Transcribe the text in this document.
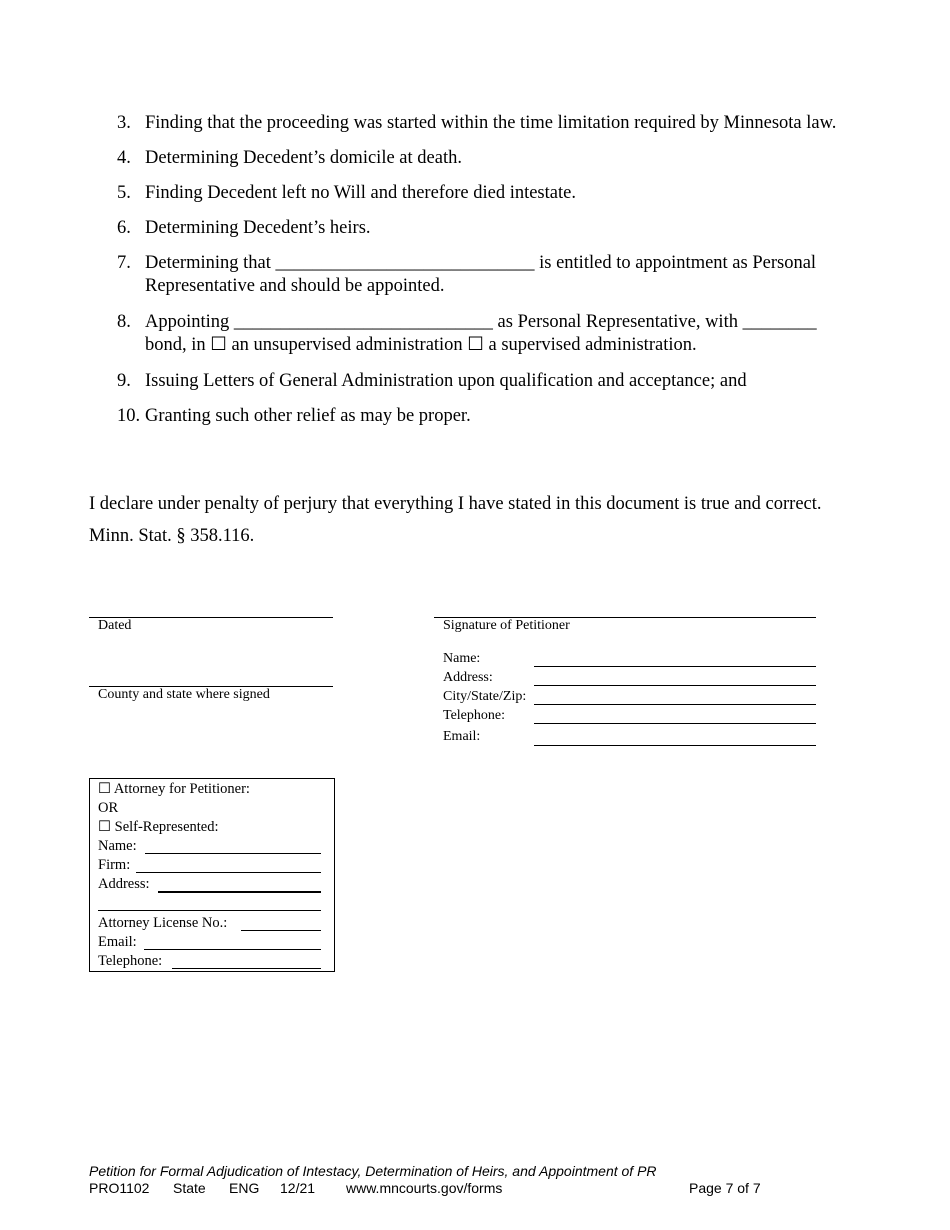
3. Finding that the proceeding was started within the time limitation required by Minnesota law.
4. Determining Decedent’s domicile at death.
5. Finding Decedent left no Will and therefore died intestate.
6. Determining Decedent’s heirs.
7. Determining that ____________________________ is entitled to appointment as Personal Representative and should be appointed.
8. Appointing ____________________________ as Personal Representative, with ________ bond, in ☐ an unsupervised administration ☐ a supervised administration.
9. Issuing Letters of General Administration upon qualification and acceptance; and
10. Granting such other relief as may be proper.
I declare under penalty of perjury that everything I have stated in this document is true and correct.
Minn. Stat. § 358.116.
Dated
County and state where signed
Signature of Petitioner
Name:
Address:
City/State/Zip:
Telephone:
Email:
☐ Attorney for Petitioner:
OR
☐ Self-Represented:
Name:
Firm:
Address:
Attorney License No.:
Email:
Telephone:
Petition for Formal Adjudication of Intestacy, Determination of Heirs, and Appointment of PR
PRO1102 State ENG 12/21 www.mncourts.gov/forms	Page 7 of 7
